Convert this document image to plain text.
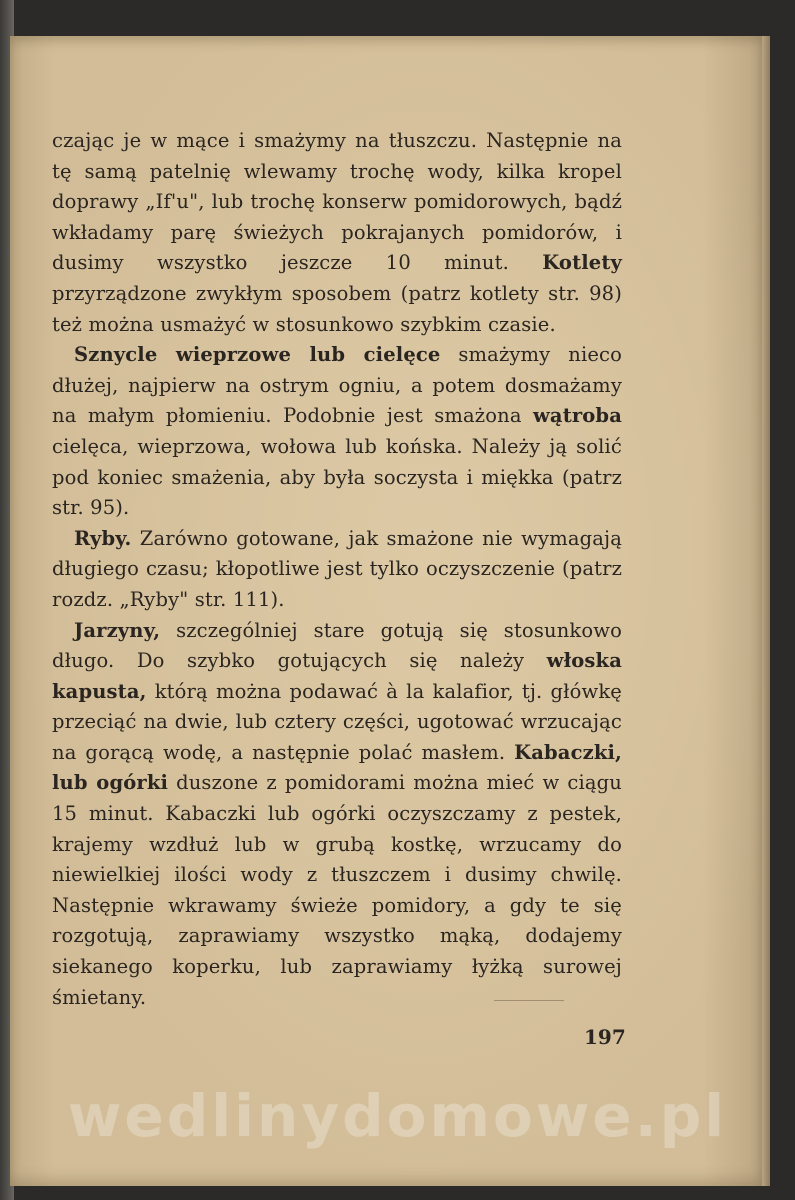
czając je w mące i smażymy na tłuszczu. Następnie na tę samą patelnię wlewamy trochę wody, kilka kropel doprawy „If'u", lub trochę konserw pomidorowych, bądź wkładamy parę świeżych pokrajanych pomidorów, i dusimy wszystko jeszcze 10 minut. Kotlety przyrządzone zwykłym sposobem (patrz kotlety str. 98) też można usmażyć w stosunkowo szybkim czasie.

Sznycle wieprzowe lub cielęce smażymy nieco dłużej, najpierw na ostrym ogniu, a potem dosmażamy na małym płomieniu. Podobnie jest smażona wątroba cielęca, wieprzowa, wołowa lub końska. Należy ją solić pod koniec smażenia, aby była soczysta i miękka (patrz str. 95).

Ryby. Zarówno gotowane, jak smażone nie wymagają długiego czasu; kłopotliwe jest tylko oczyszczenie (patrz rozdz. „Ryby" str. 111).

Jarzyny, szczególniej stare gotują się stosunkowo długo. Do szybko gotujących się należy włoska kapusta, którą można podawać à la kalafior, tj. główkę przeciąć na dwie, lub cztery części, ugotować wrzucając na gorącą wodę, a następnie polać masłem. Kabaczki, lub ogórki duszone z pomidorami można mieć w ciągu 15 minut. Kabaczki lub ogórki oczyszczamy z pestek, krajemy wzdłuż lub w grubą kostkę, wrzucamy do niewielkiej ilości wody z tłuszczem i dusimy chwilę. Następnie wkrawamy świeże pomidory, a gdy te się rozgotują, zaprawiamy wszystko mąką, dodajemy siekanego koperku, lub zaprawiamy łyżką surowej śmietany.

197
wedlinydomowe.pl
